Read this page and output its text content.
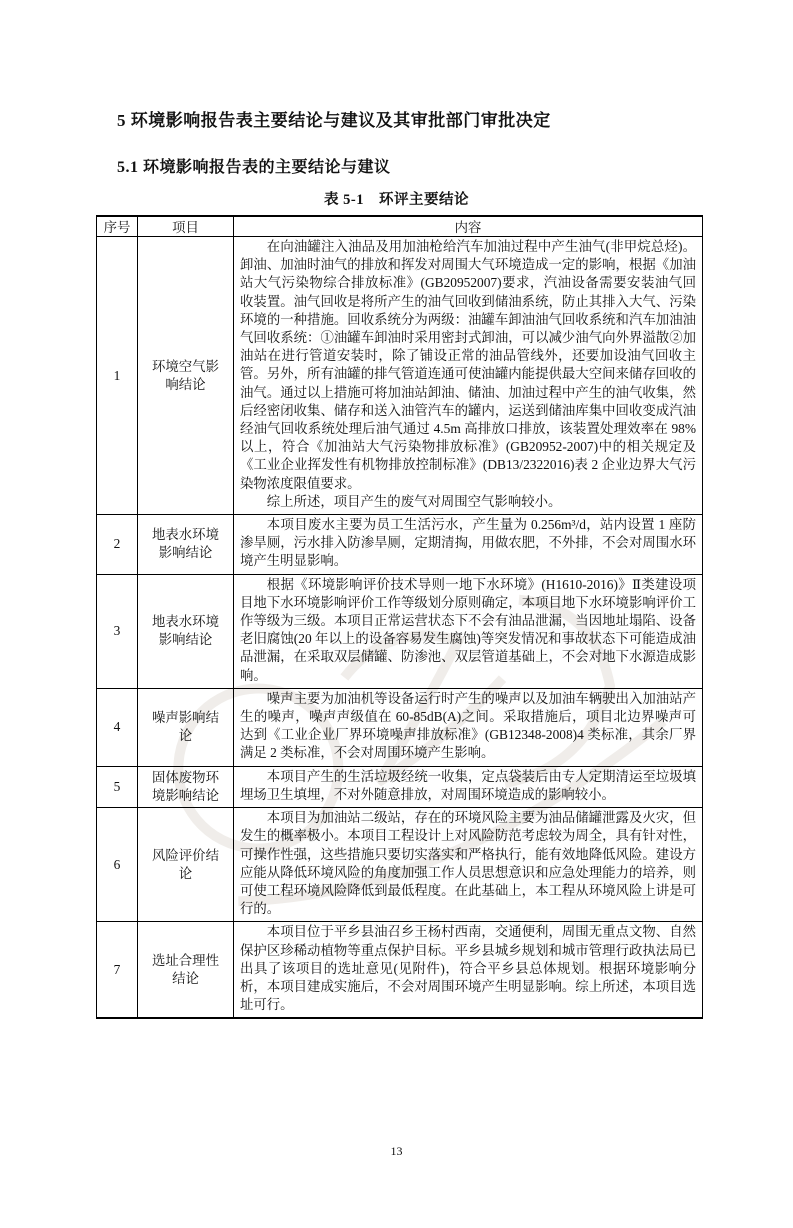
5 环境影响报告表主要结论与建议及其审批部门审批决定
5.1 环境影响报告表的主要结论与建议
表 5-1　环评主要结论
序号	项目	内容
1	环境空气影响结论	在向油罐注入油品及用加油枪给汽车加油过程中产生油气(非甲烷总烃)。卸油、加油时油气的排放和挥发对周围大气环境造成一定的影响，根据《加油站大气污染物综合排放标准》(GB20952007)要求，汽油设备需要安装油气回收装置。油气回收是将所产生的油气回收到储油系统，防止其排入大气、污染环境的一种措施。回收系统分为两级：油罐车卸油油气回收系统和汽车加油油气回收系统：①油罐车卸油时采用密封式卸油，可以减少油气向外界溢散②加油站在进行管道安装时，除了铺设正常的油品管线外，还要加设油气回收主管。另外，所有油罐的排气管道连通可使油罐内能提供最大空间来储存回收的油气。通过以上措施可将加油站卸油、储油、加油过程中产生的油气收集，然后经密闭收集、储存和送入油管汽车的罐内，运送到储油库集中回收变成汽油经油气回收系统处理后油气通过 4.5m 高排放口排放，该装置处理效率在 98%以上，符合《加油站大气污染物排放标准》(GB20952-2007)中的相关规定及《工业企业挥发性有机物排放控制标准》(DB13/2322016)表 2 企业边界大气污染物浓度限值要求。

综上所述，项目产生的废气对周围空气影响较小。

2	地表水环境影响结论	本项目废水主要为员工生活污水，产生量为 0.256m³/d，站内设置 1 座防渗旱厕，污水排入防渗旱厕，定期清掏，用做农肥，不外排，不会对周围水环境产生明显影响。

3	地表水环境影响结论	根据《环境影响评价技术导则一地下水环境》(H1610-2016)》Ⅱ类建设项目地下水环境影响评价工作等级划分原则确定，本项目地下水环境影响评价工作等级为三级。本项目正常运营状态下不会有油品泄漏，当因地址塌陷、设备老旧腐蚀(20 年以上的设备容易发生腐蚀)等突发情况和事故状态下可能造成油品泄漏，在采取双层储罐、防渗池、双层管道基础上，不会对地下水源造成影响。

4	噪声影响结论	噪声主要为加油机等设备运行时产生的噪声以及加油车辆驶出入加油站产生的噪声，噪声声级值在 60-85dB(A)之间。采取措施后，项目北边界噪声可达到《工业企业厂界环境噪声排放标准》(GB12348-2008)4 类标准，其余厂界满足 2 类标准，不会对周围环境产生影响。

5	固体废物环境影响结论	本项目产生的生活垃圾经统一收集，定点袋装后由专人定期清运至垃圾填埋场卫生填埋，不对外随意排放，对周围环境造成的影响较小。

6	风险评价结论	本项目为加油站二级站，存在的环境风险主要为油品储罐泄露及火灾，但发生的概率极小。本项目工程设计上对风险防范考虑较为周全，具有针对性，可操作性强，这些措施只要切实落实和严格执行，能有效地降低风险。建设方应能从降低环境风险的角度加强工作人员思想意识和应急处理能力的培养，则可使工程环境风险降低到最低程度。在此基础上，本工程从环境风险上讲是可行的。

7	选址合理性结论	本项目位于平乡县油召乡王杨村西南，交通便利，周围无重点文物、自然保护区珍稀动植物等重点保护目标。平乡县城乡规划和城市管理行政执法局已出具了该项目的选址意见(见附件)，符合平乡县总体规划。根据环境影响分析，本项目建成实施后，不会对周围环境产生明显影响。综上所述，本项目选址可行。

13
